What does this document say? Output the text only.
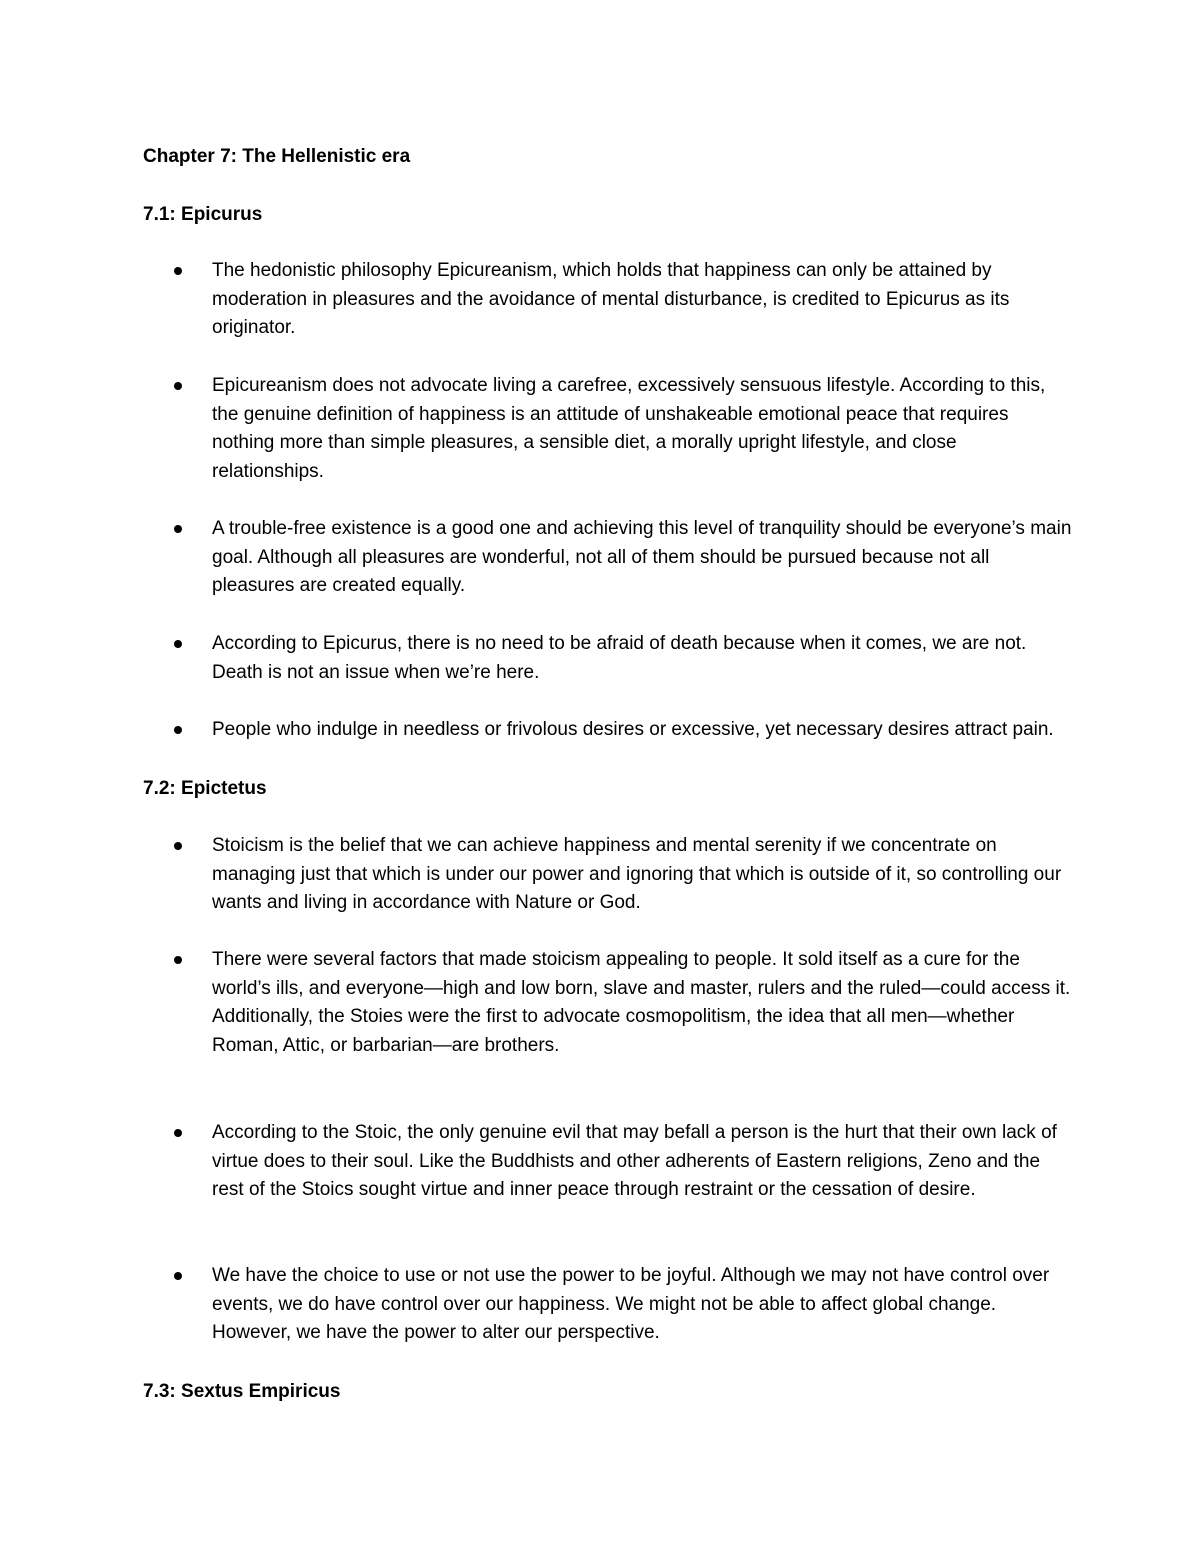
Chapter 7: The Hellenistic era
7.1: Epicurus
The hedonistic philosophy Epicureanism, which holds that happiness can only be attained by moderation in pleasures and the avoidance of mental disturbance, is credited to Epicurus as its originator.
Epicureanism does not advocate living a carefree, excessively sensuous lifestyle. According to this, the genuine definition of happiness is an attitude of unshakeable emotional peace that requires nothing more than simple pleasures, a sensible diet, a morally upright lifestyle, and close relationships.
A trouble-free existence is a good one and achieving this level of tranquility should be everyone’s main goal. Although all pleasures are wonderful, not all of them should be pursued because not all pleasures are created equally.
According to Epicurus, there is no need to be afraid of death because when it comes, we are not. Death is not an issue when we’re here.
People who indulge in needless or frivolous desires or excessive, yet necessary desires attract pain.
7.2: Epictetus
Stoicism is the belief that we can achieve happiness and mental serenity if we concentrate on managing just that which is under our power and ignoring that which is outside of it, so controlling our wants and living in accordance with Nature or God.
There were several factors that made stoicism appealing to people. It sold itself as a cure for the world’s ills, and everyone—high and low born, slave and master, rulers and the ruled—could access it. Additionally, the Stoies were the first to advocate cosmopolitism, the idea that all men—whether Roman, Attic, or barbarian—are brothers.
According to the Stoic, the only genuine evil that may befall a person is the hurt that their own lack of virtue does to their soul. Like the Buddhists and other adherents of Eastern religions, Zeno and the rest of the Stoics sought virtue and inner peace through restraint or the cessation of desire.
We have the choice to use or not use the power to be joyful. Although we may not have control over events, we do have control over our happiness. We might not be able to affect global change. However, we have the power to alter our perspective.
7.3: Sextus Empiricus
